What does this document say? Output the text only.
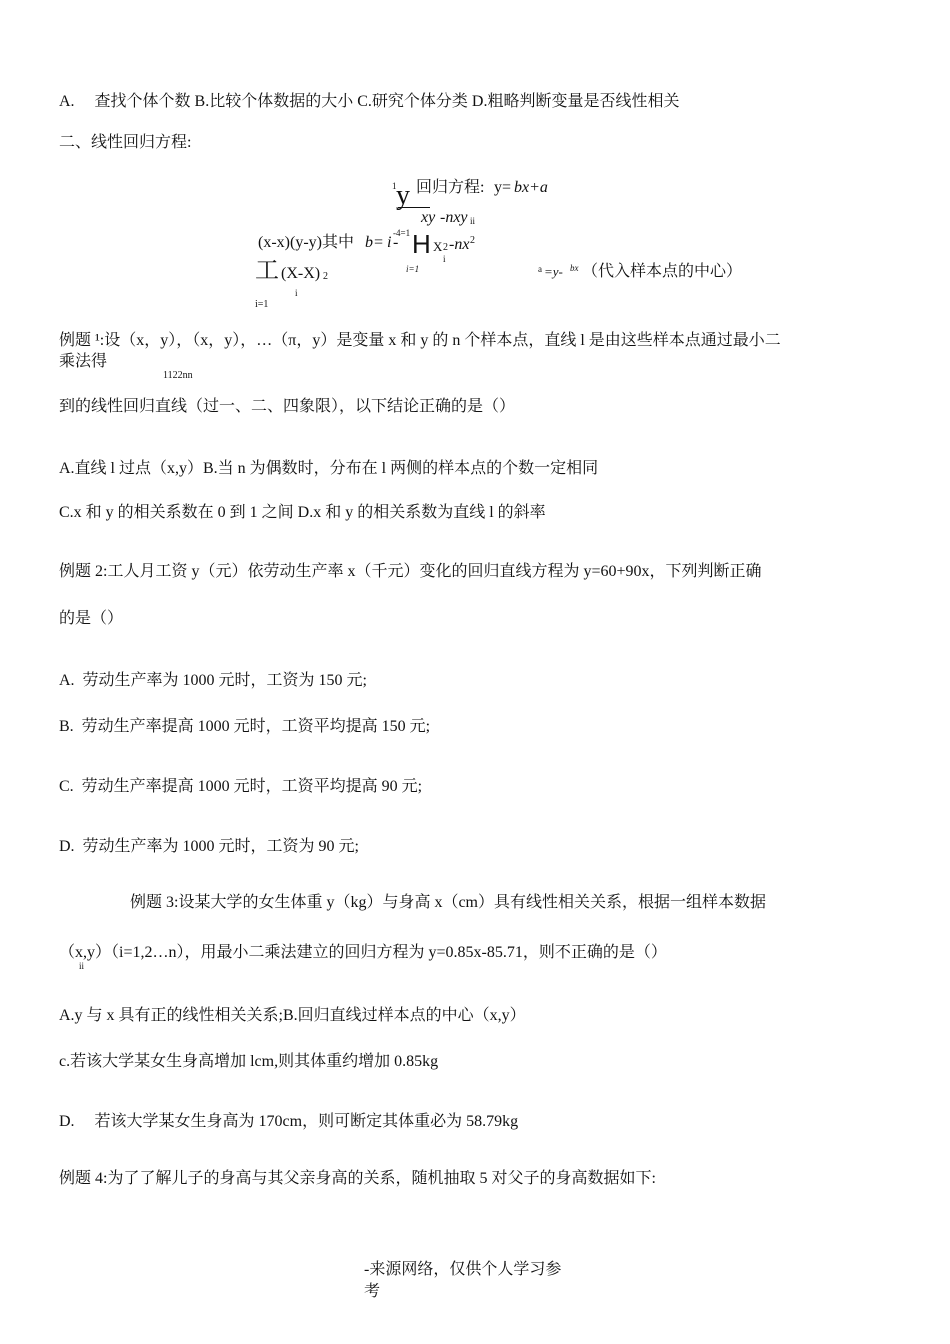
A.　 查找个体个数 B.比较个体数据的大小 C.研究个体分类 D.粗略判断变量是否线性相关
二、线性回归方程:
1 y 回归方程: y= bx+a
xy -nxy ii
(x-x)(y-y)其中 b= i -
-4=1 H X 2 -nx 2
i
i=1	a =y- bx （代入样本点的中心）
工 (X-X) 2
i
i=1
例题 ¹:设（x，y），（x，y），…（π，y）是变量 x 和 y 的 n 个样本点，直线 l 是由这些样本点通过最小二
乘法得
1122nn
到的线性回归直线（过一、二、四象限），以下结论正确的是（）
A.直线 l 过点（x,y）B.当 n 为偶数时，分布在 l 两侧的样本点的个数一定相同
C.x 和 y 的相关系数在 0 到 1 之间 D.x 和 y 的相关系数为直线 l 的斜率
例题 2:工人月工资 y（元）依劳动生产率 x（千元）变化的回归直线方程为 y=60+90x，下列判断正确
的是（）
A. 劳动生产率为 1000 元时，工资为 150 元;
B. 劳动生产率提高 1000 元时，工资平均提高 150 元;
C. 劳动生产率提高 1000 元时，工资平均提高 90 元;
D. 劳动生产率为 1000 元时，工资为 90 元;
例题 3:设某大学的女生体重 y（kg）与身高 x（cm）具有线性相关关系，根据一组样本数据
（x,y）（i=1,2…n），用最小二乘法建立的回归方程为 y=0.85x-85.71，则不正确的是（）
ii
A.y 与 x 具有正的线性相关关系;B.回归直线过样本点的中心（x,y）
c.若该大学某女生身高增加 lcm,则其体重约增加 0.85kg
D.　 若该大学某女生身高为 170cm，则可断定其体重必为 58.79kg
例题 4:为了了解儿子的身高与其父亲身高的关系，随机抽取 5 对父子的身高数据如下:
-来源网络，仅供个人学习参
考
